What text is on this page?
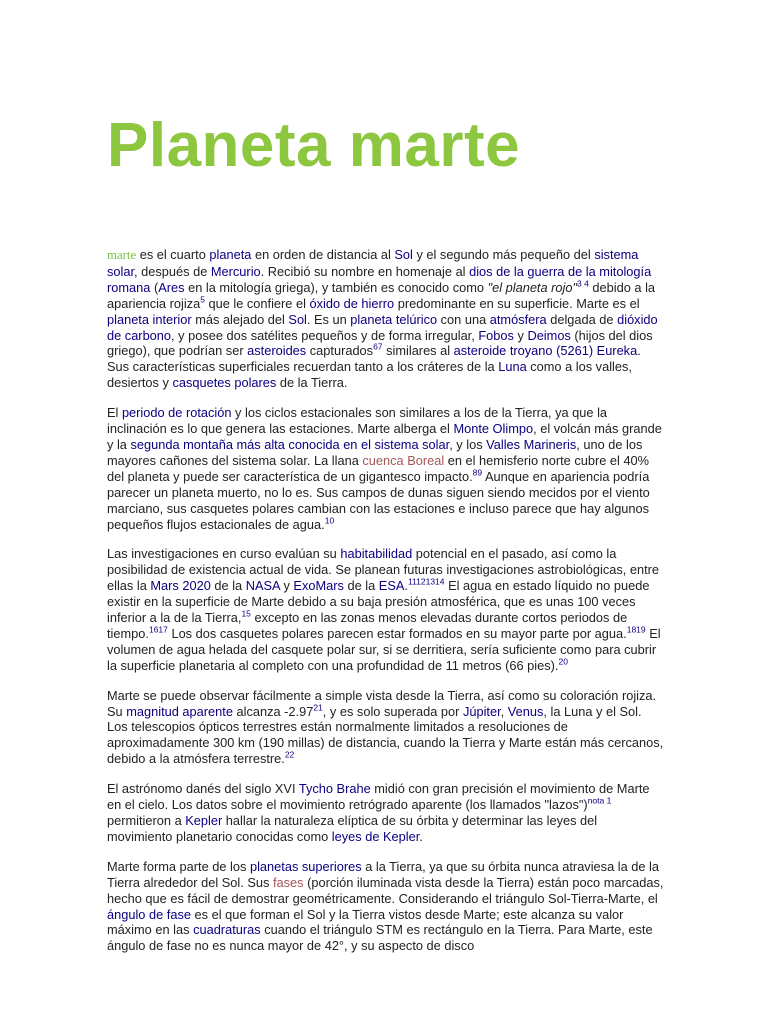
Planeta marte

marte es el cuarto planeta en orden de distancia al Sol y el segundo más pequeño del sistema solar, después de Mercurio. Recibió su nombre en homenaje al dios de la guerra de la mitología romana (Ares en la mitología griega), y también es conocido como "el planeta rojo"$^{3 4}$ debido a la apariencia rojiza$^5$ que le confiere el óxido de hierro predominante en su superficie. Marte es el planeta interior más alejado del Sol. Es un planeta telúrico con una atmósfera delgada de dióxido de carbono, y posee dos satélites pequeños y de forma irregular, Fobos y Deimos (hijos del dios griego), que podrían ser asteroides capturados$^{67}$ similares al asteroide troyano (5261) Eureka. Sus características superficiales recuerdan tanto a los cráteres de la Luna como a los valles, desiertos y casquetes polares de la Tierra.

El periodo de rotación y los ciclos estacionales son similares a los de la Tierra, ya que la inclinación es lo que genera las estaciones. Marte alberga el Monte Olimpo, el volcán más grande y la segunda montaña más alta conocida en el sistema solar, y los Valles Marineris, uno de los mayores cañones del sistema solar. La llana cuenca Boreal en el hemisferio norte cubre el 40% del planeta y puede ser característica de un gigantesco impacto.$^{89}$ Aunque en apariencia podría parecer un planeta muerto, no lo es. Sus campos de dunas siguen siendo mecidos por el viento marciano, sus casquetes polares cambian con las estaciones e incluso parece que hay algunos pequeños flujos estacionales de agua.$^{10}$

Las investigaciones en curso evalúan su habitabilidad potencial en el pasado, así como la posibilidad de existencia actual de vida. Se planean futuras investigaciones astrobiológicas, entre ellas la Mars 2020 de la NASA y ExoMars de la ESA.$^{11121314}$ El agua en estado líquido no puede existir en la superficie de Marte debido a su baja presión atmosférica, que es unas 100 veces inferior a la de la Tierra,$^{15}$ excepto en las zonas menos elevadas durante cortos periodos de tiempo.$^{1617}$ Los dos casquetes polares parecen estar formados en su mayor parte por agua.$^{1819}$ El volumen de agua helada del casquete polar sur, si se derritiera, sería suficiente como para cubrir la superficie planetaria al completo con una profundidad de 11 metros (66 pies).$^{20}$

Marte se puede observar fácilmente a simple vista desde la Tierra, así como su coloración rojiza. Su magnitud aparente alcanza -2.97$^{21}$, y es solo superada por Júpiter, Venus, la Luna y el Sol. Los telescopios ópticos terrestres están normalmente limitados a resoluciones de aproximadamente 300 km (190 millas) de distancia, cuando la Tierra y Marte están más cercanos, debido a la atmósfera terrestre.$^{22}$

El astrónomo danés del siglo XVI Tycho Brahe midió con gran precisión el movimiento de Marte en el cielo. Los datos sobre el movimiento retrógrado aparente (los llamados "lazos")$^{nota 1}$ permitieron a Kepler hallar la naturaleza elíptica de su órbita y determinar las leyes del movimiento planetario conocidas como leyes de Kepler.

Marte forma parte de los planetas superiores a la Tierra, ya que su órbita nunca atraviesa la de la Tierra alrededor del Sol. Sus fases (porción iluminada vista desde la Tierra) están poco marcadas, hecho que es fácil de demostrar geométricamente. Considerando el triángulo Sol-Tierra-Marte, el ángulo de fase es el que forman el Sol y la Tierra vistos desde Marte; este alcanza su valor máximo en las cuadraturas cuando el triángulo STM es rectángulo en la Tierra. Para Marte, este ángulo de fase no es nunca mayor de 42°, y su aspecto de disco
